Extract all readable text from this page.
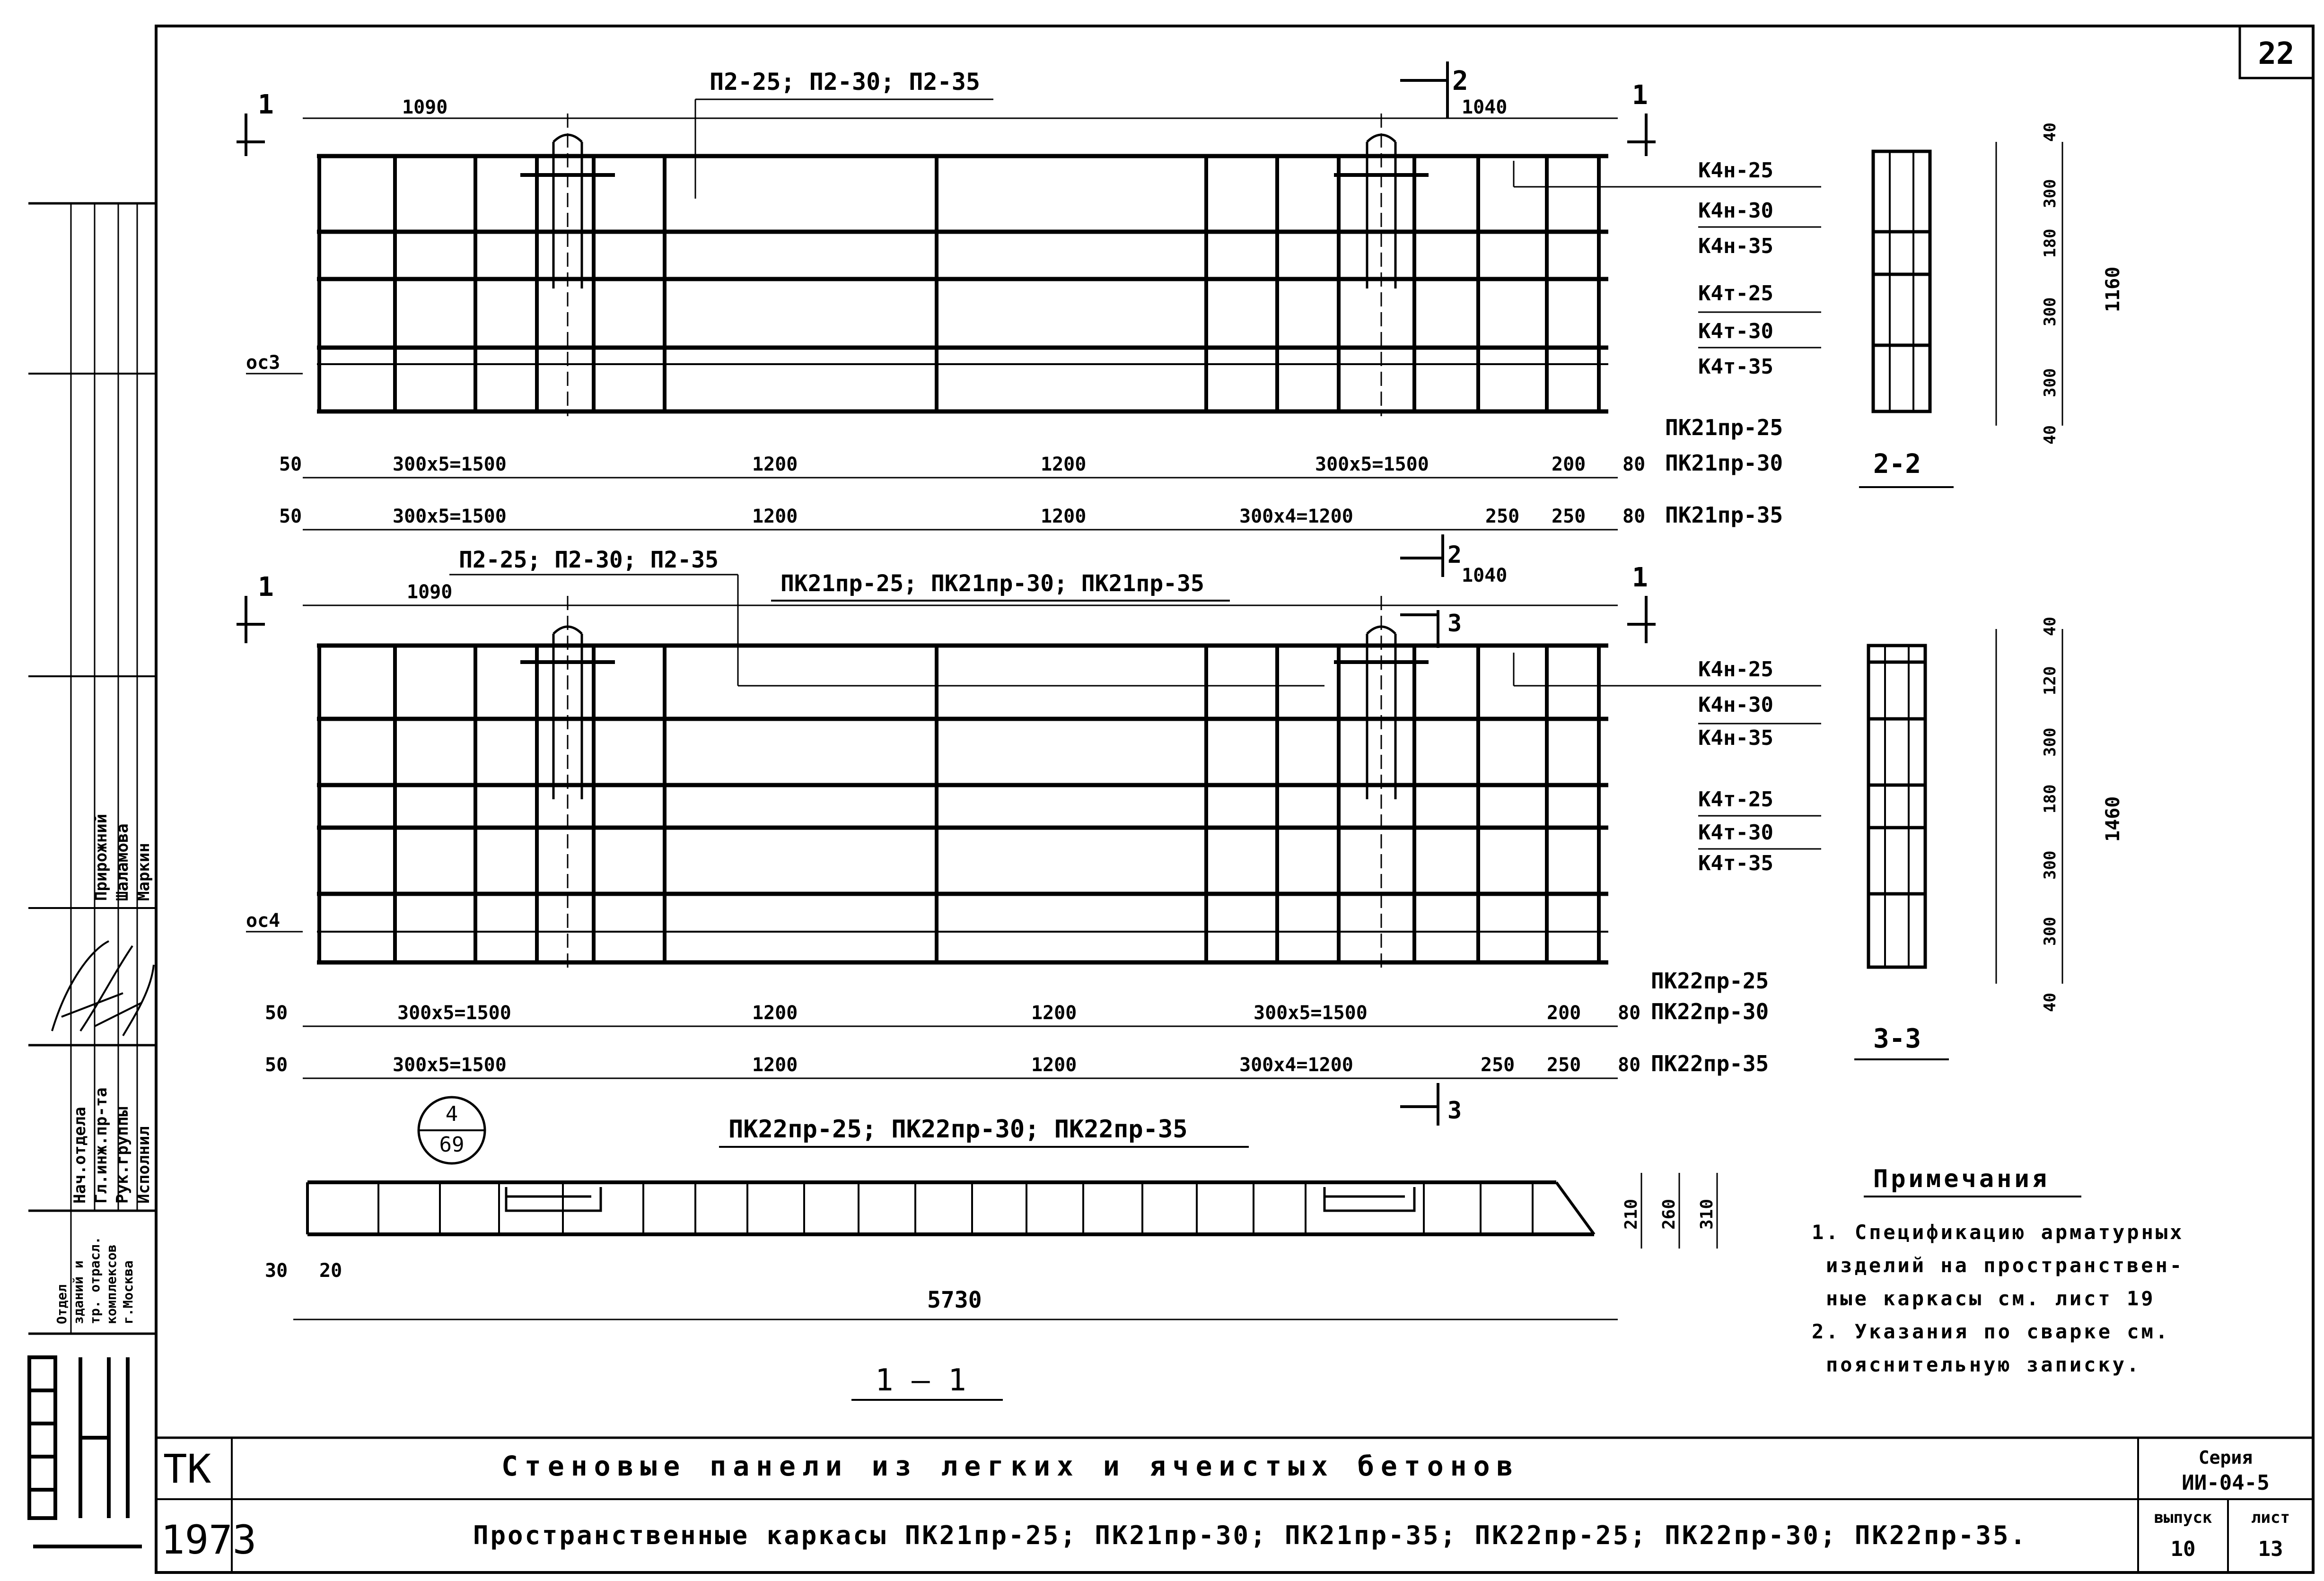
22
Нач.отдела Гл.инж.пр-та Рук.группы Исполнил
Прирожний Шаламова Маркин
Отдел зданий и тр. отрасл. комплексов г.Москва
ТК
1973
Стеновые панели из легких и ячеистых бетонов
Пространственные каркасы ПК21пр-25; ПК21пр-30; ПК21пр-35; ПК22пр-25; ПК22пр-30; ПК22пр-35.
Серия
ИИ-04-5
выпуск
10
лист
13
1090	1040
П2-25; П2-30; П2-35
1	1
2
ос3
К4н-25
К4н-30
К4н-35
К4т-25
К4т-30
К4т-35
50	300x5=1500	1200	1200	300x5=1500	200 80
50	300x5=1500	1200	1200	300x4=1200	250 250 80
ПК21пр-25
ПК21пр-30
ПК21пр-35
40
300
180
300
300
40
1160
2-2
1090
1040
П2-25; П2-30; П2-35
ПК21пр-25; ПК21пр-30; ПК21пр-35
1	1
2
3
3
ос4
К4н-25
К4н-30
К4н-35
К4т-25
К4т-30
К4т-35
50	300x5=1500	1200	1200	300x5=1500	200 80
50	300x5=1500	1200	1200	300x4=1200	250 250 80
ПК22пр-25
ПК22пр-30
ПК22пр-35
40
120
300
180
300
300
40
1460
3-3
4
69
ПК22пр-25; ПК22пр-30; ПК22пр-35
5730
30 20
210 260 310
1 — 1
Примечания
1. Спецификацию арматурных
изделий на пространствен-
ные каркасы см. лист 19
2. Указания по сварке см.
пояснительную записку.
